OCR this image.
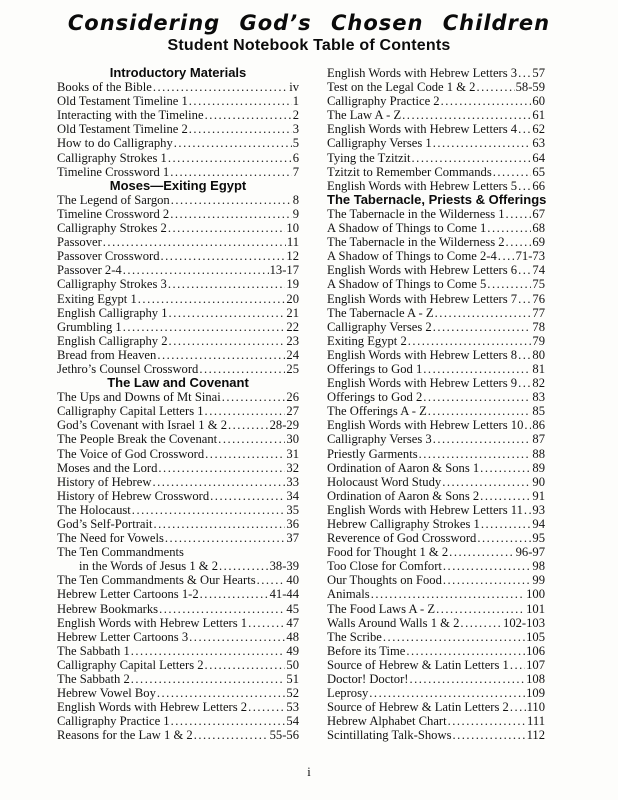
Considering God’s Chosen Children
Student Notebook Table of Contents
Introductory Materials
Books of the Bible .....	iv
Old Testament Timeline 1 .....	1
Interacting with the Timeline .....	2
Old Testament Timeline 2 .....	3
How to do Calligraphy .....	5
Calligraphy Strokes 1 .....	6
Timeline Crossword 1 .....	7
Moses—Exiting Egypt
The Legend of Sargon .....	8
Timeline Crossword 2 .....	9
Calligraphy Strokes 2 .....	10
Passover .....	11
Passover Crossword .....	12
Passover 2-4 .....	13-17
Calligraphy Strokes 3 .....	19
Exiting Egypt 1 .....	20
English Calligraphy 1 .....	21
Grumbling 1 .....	22
English Calligraphy 2 .....	23
Bread from Heaven .....	24
Jethro’s Counsel Crossword .....	25
The Law and Covenant
The Ups and Downs of Mt Sinai .....	26
Calligraphy Capital Letters 1 .....	27
God’s Covenant with Israel 1 & 2 .....	28-29
The People Break the Covenant .....	30
The Voice of God Crossword .....	31
Moses and the Lord .....	32
History of Hebrew .....	33
History of Hebrew Crossword .....	34
The Holocaust .....	35
God’s Self-Portrait .....	36
The Need for Vowels .....	37
The Ten Commandments
in the Words of Jesus 1 & 2 .....	38-39
The Ten Commandments & Our Hearts ..... 40
Hebrew Letter Cartoons 1-2 .....	41-44
Hebrew Bookmarks .....	45
English Words with Hebrew Letters 1 .....	47
Hebrew Letter Cartoons 3 .....	48
The Sabbath 1 .....	49
Calligraphy Capital Letters 2 .....	50
The Sabbath 2 .....	51
Hebrew Vowel Boy .....	52
English Words with Hebrew Letters 2 .....	53
Calligraphy Practice 1 .....	54
Reasons for the Law 1 & 2 .....	55-56
English Words with Hebrew Letters 3 ..... 57
Test on the Legal Code 1 & 2 .....	58-59
Calligraphy Practice 2 .....	60
The Law A - Z .....	61
English Words with Hebrew Letters 4 ..... 62
Calligraphy Verses 1 .....	63
Tying the Tzitzit .....	64
Tzitzit to Remember Commands .....	65
English Words with Hebrew Letters 5 ..... 66
The Tabernacle, Priests & Offerings
The Tabernacle in the Wilderness 1 ..... 67
A Shadow of Things to Come 1 .....	68
The Tabernacle in the Wilderness 2 ..... 69
A Shadow of Things to Come 2-4 ..... 71-73
English Words with Hebrew Letters 6 ..... 74
A Shadow of Things to Come 5 .....	75
English Words with Hebrew Letters 7 ..... 76
The Tabernacle A - Z .....	77
Calligraphy Verses 2 .....	78
Exiting Egypt 2 .....	79
English Words with Hebrew Letters 8 ..... 80
Offerings to God 1 .....	81
English Words with Hebrew Letters 9 ..... 82
Offerings to God 2 .....	83
The Offerings A - Z .....	85
English Words with Hebrew Letters 10 ..... 86
Calligraphy Verses 3 .....	87
Priestly Garments .....	88
Ordination of Aaron & Sons 1 .....	89
Holocaust Word Study .....	90
Ordination of Aaron & Sons 2 .....	91
English Words with Hebrew Letters 11 ..... 93
Hebrew Calligraphy Strokes 1 .....	94
Reverence of God Crossword .....	95
Food for Thought 1 & 2 .....	96-97
Too Close for Comfort .....	98
Our Thoughts on Food .....	99
Animals .....	100
The Food Laws A - Z .....	101
Walls Around Walls 1 & 2 .....	102-103
The Scribe .....	105
Before its Time .....	106
Source of Hebrew & Latin Letters 1 ..... 107
Doctor! Doctor! .....	108
Leprosy .....	109
Source of Hebrew & Latin Letters 2 ..... 110
Hebrew Alphabet Chart .....	111
Scintillating Talk-Shows .....	112
i
